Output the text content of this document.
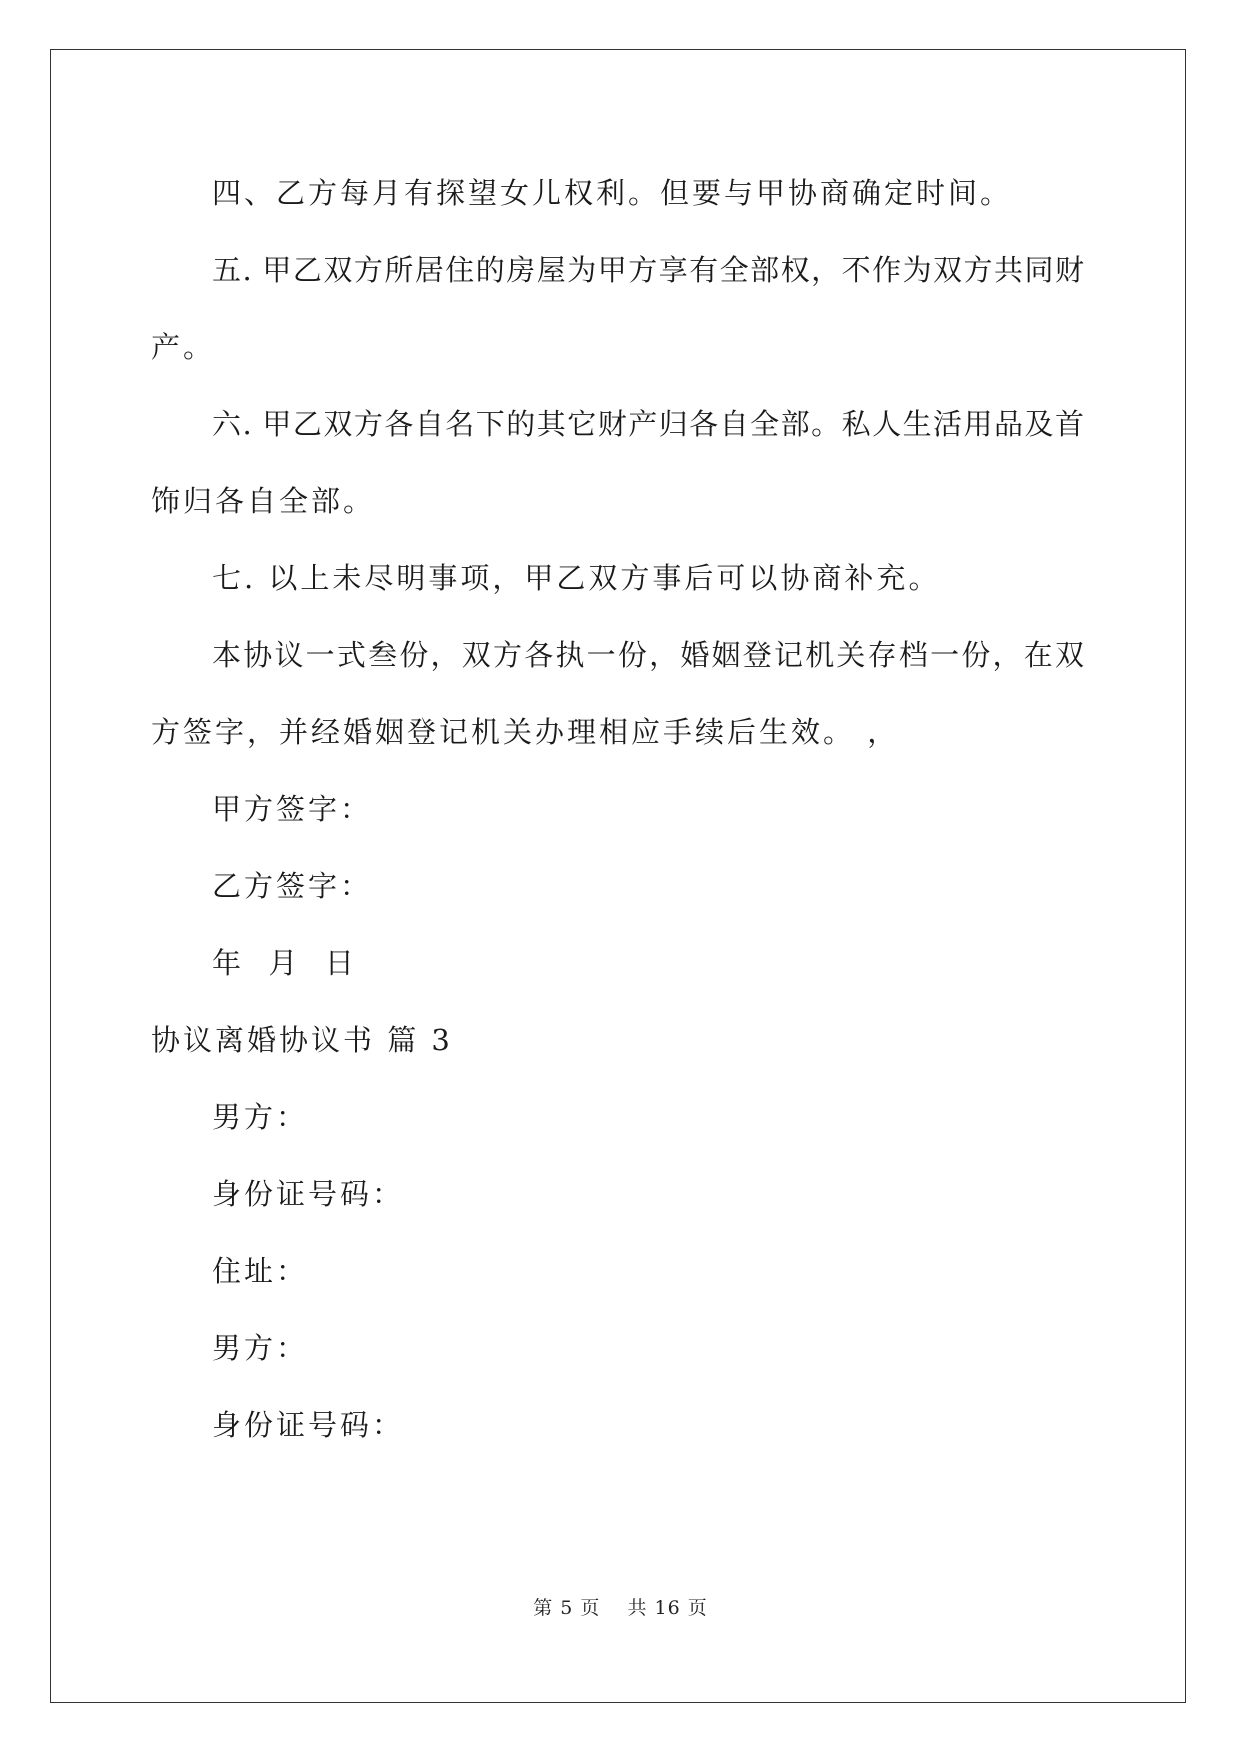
四、乙方每月有探望女儿权利。但要与甲协商确定时间。
五. 甲乙双方所居住的房屋为甲方享有全部权，不作为双方共同财
产。
六. 甲乙双方各自名下的其它财产归各自全部。私人生活用品及首
饰归各自全部。
七. 以上未尽明事项，甲乙双方事后可以协商补充。
本协议一式叁份，双方各执一份，婚姻登记机关存档一份，在双
方签字，并经婚姻登记机关办理相应手续后生效。 ，
甲方签字：
乙方签字：
年  月  日
协议离婚协议书 篇 3
男方：
身份证号码：
住址：
男方：
身份证号码：
第 5 页 共 16 页
